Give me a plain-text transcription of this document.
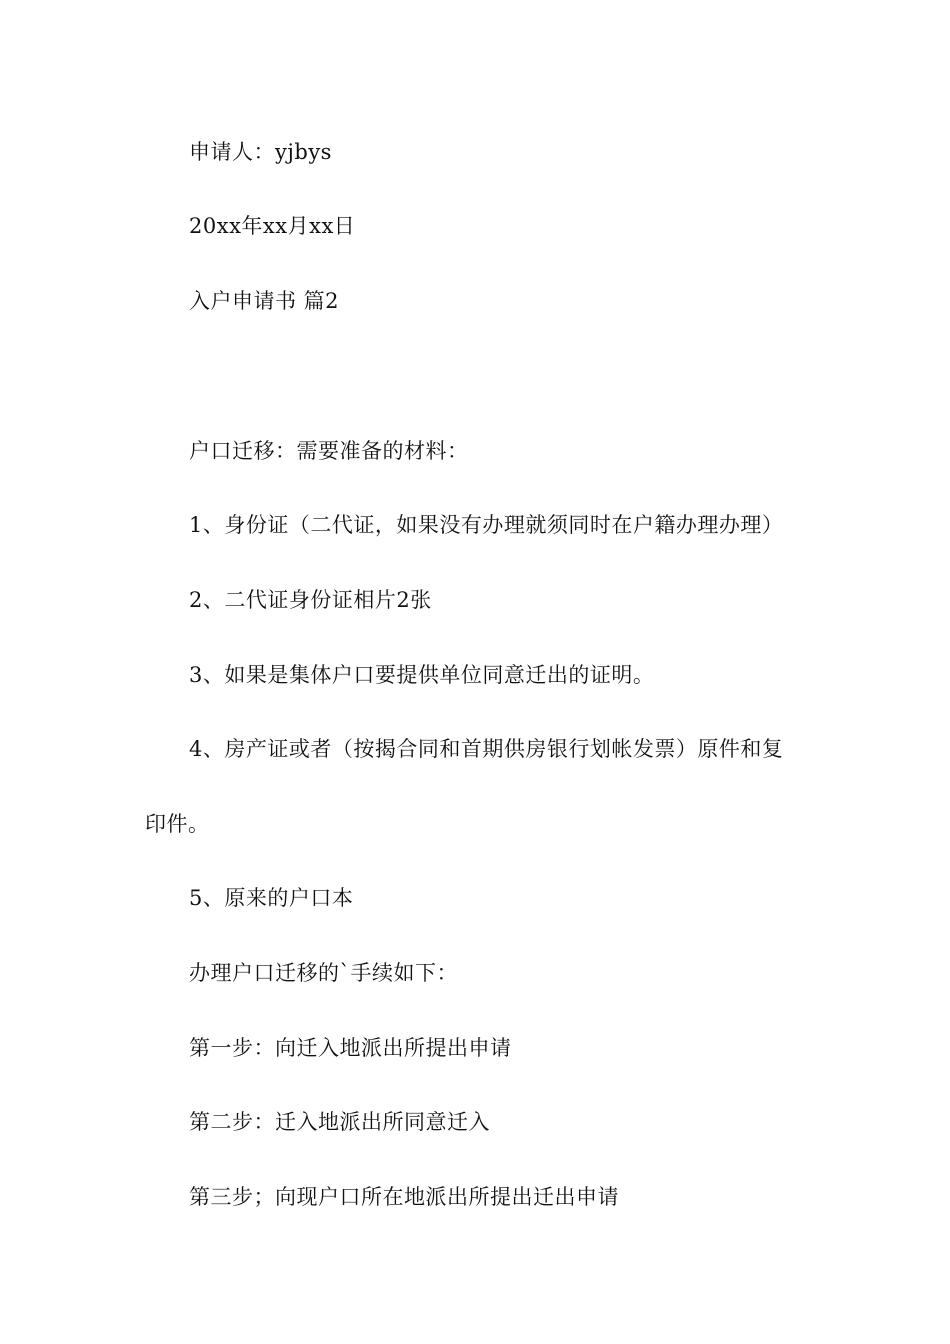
申请人：yjbys
20xx年xx月xx日
入户申请书 篇2
户口迁移：需要准备的材料：
1、身份证（二代证，如果没有办理就须同时在户籍办理办理）
2、二代证身份证相片2张
3、如果是集体户口要提供单位同意迁出的证明。
4、房产证或者（按揭合同和首期供房银行划帐发票）原件和复
印件。
5、原来的户口本
办理户口迁移的`手续如下：
第一步：向迁入地派出所提出申请
第二步：迁入地派出所同意迁入
第三步；向现户口所在地派出所提出迁出申请
